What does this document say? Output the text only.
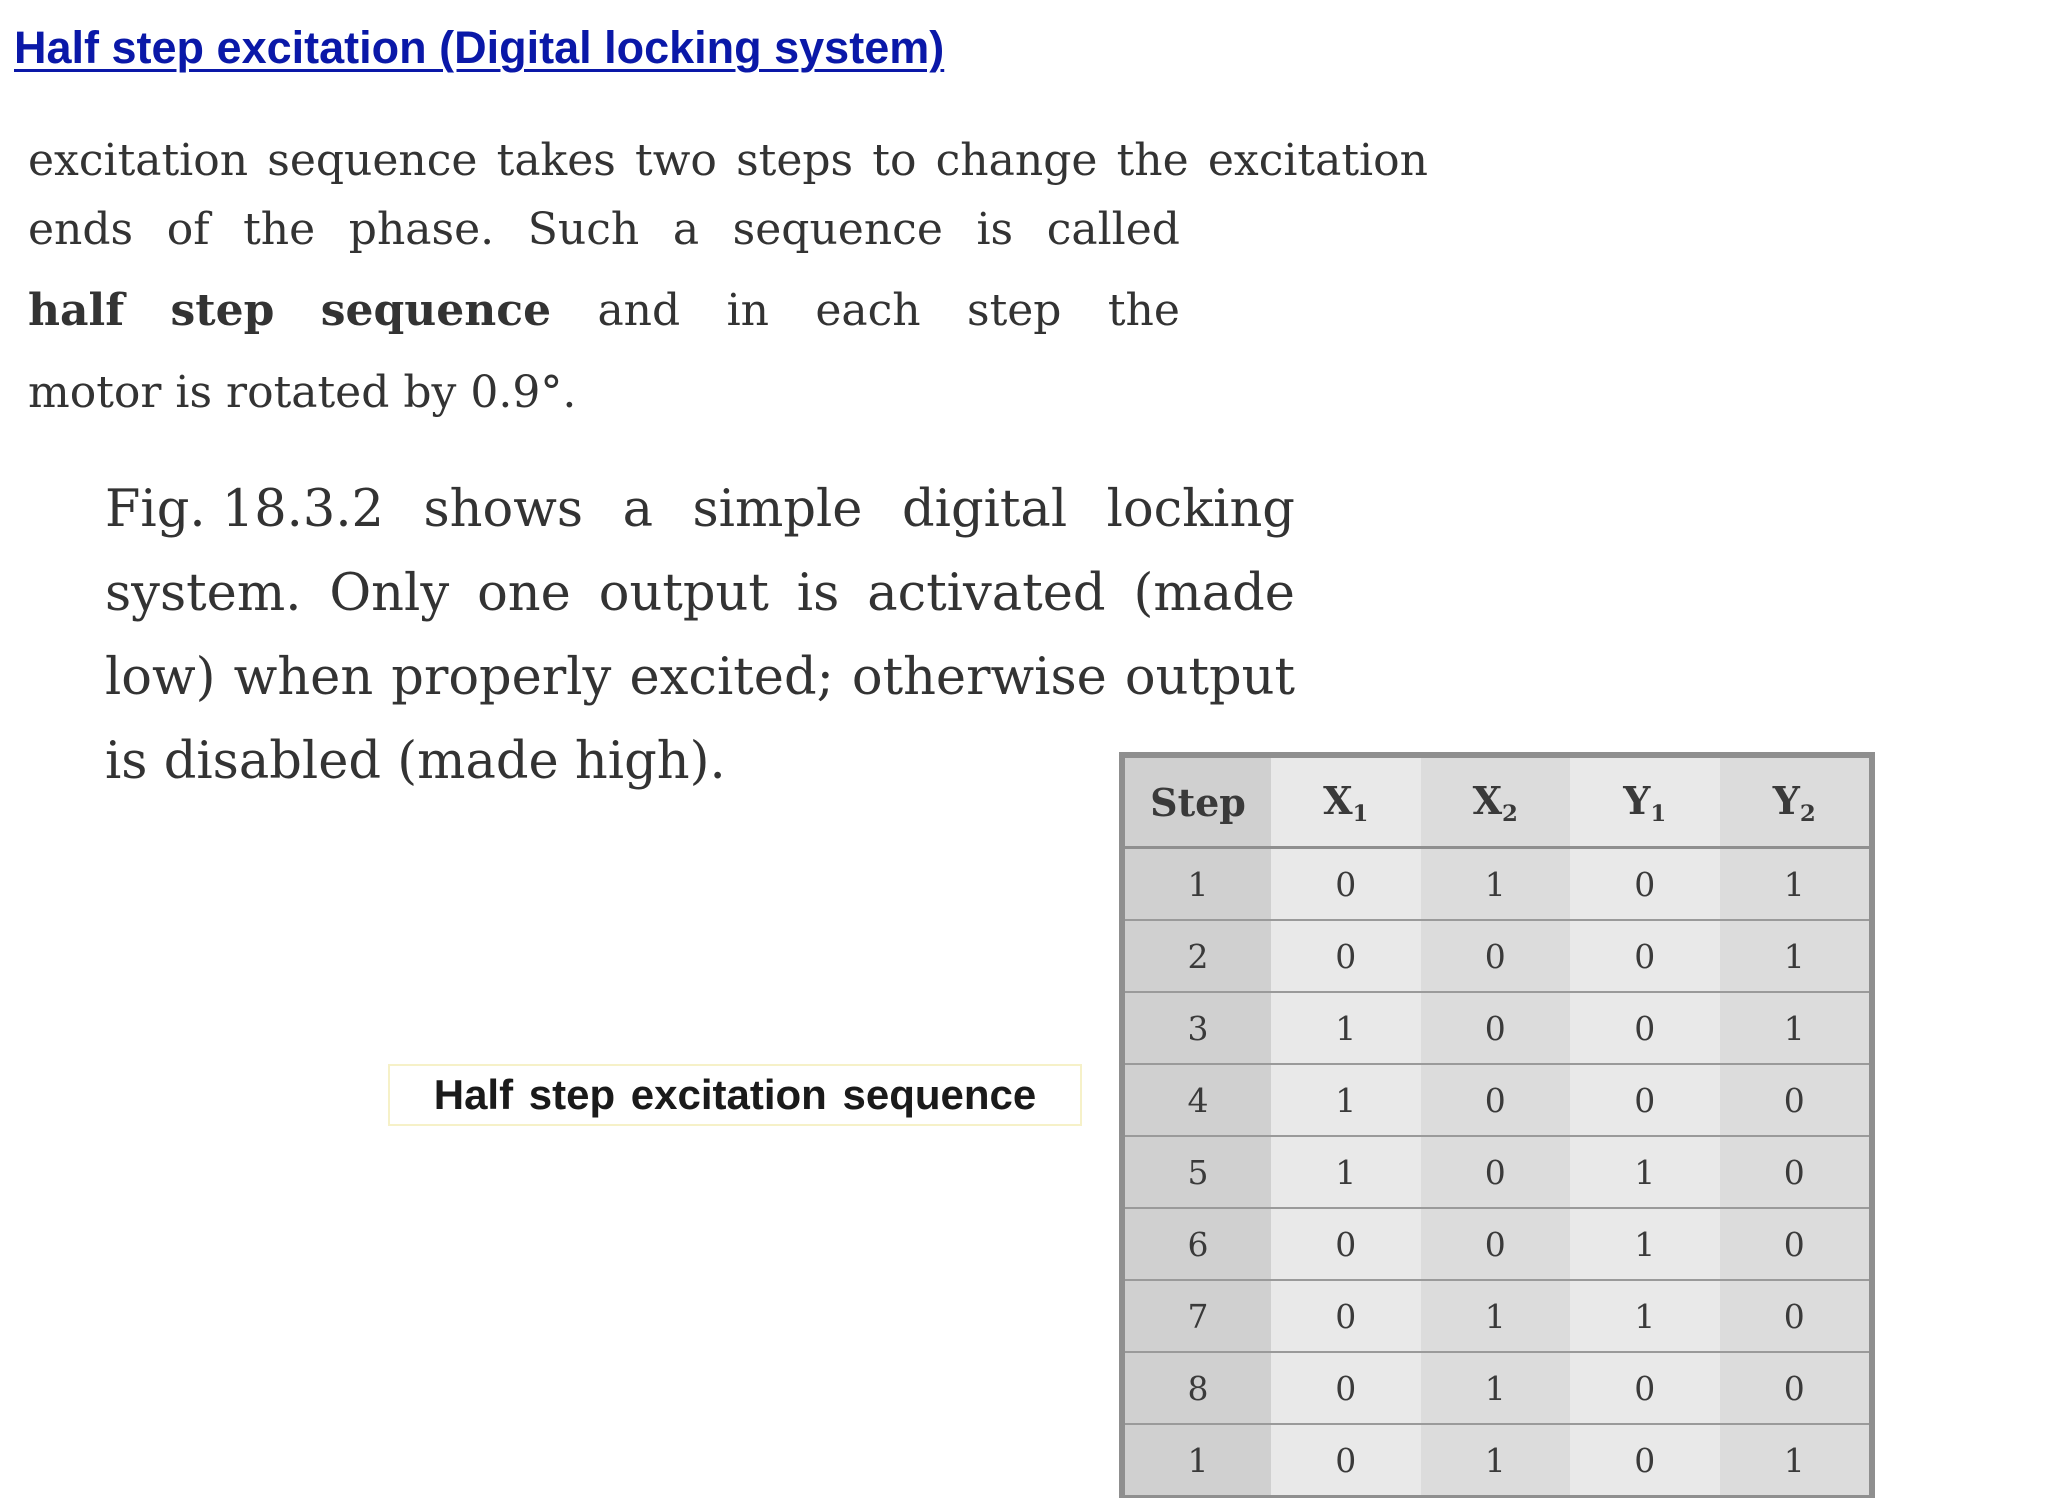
Half step excitation (Digital locking system)
excitation sequence takes two steps to change the excitation
ends of the phase. Such a sequence is called
half step sequence and in each step the
motor is rotated by 0.9°.
Fig. 18.3.2 shows a simple digital locking
system. Only one output is activated (made
low) when properly excited; otherwise output
is disabled (made high).
Half step excitation sequence
Step	$X_1$	$X_2$	$Y_1$	$Y_2$
1	0	1	0	1
2	0	0	0	1
3	1	0	0	1
4	1	0	0	0
5	1	0	1	0
6	0	0	1	0
7	0	1	1	0
8	0	1	0	0
1	0	1	0	1
